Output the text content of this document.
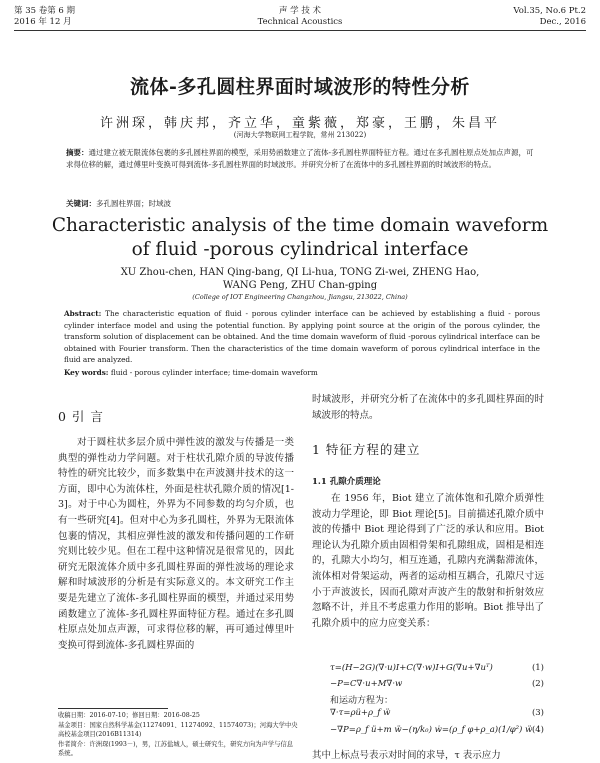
第 35 卷第 6 期
2016 年 12 月
声 学 技 术
Technical Acoustics
Vol.35, No.6 Pt.2
Dec., 2016
流体-多孔圆柱界面时域波形的特性分析
许洲琛，韩庆邦，齐立华，童紫薇，郑豪，王鹏，朱昌平
(河海大学物联网工程学院，常州 213022)
摘要：通过建立被无限流体包裹的多孔圆柱界面的模型，采用势函数建立了流体-多孔圆柱界面特征方程。通过在多孔圆柱原点处加点声源，可求得位移的解，通过傅里叶变换可得到流体-多孔圆柱界面的时域波形。并研究分析了在流体中的多孔圆柱界面的时域波形的特点。
关键词：多孔圆柱界面；时域波
Characteristic analysis of the time domain waveform of fluid -porous cylindrical interface
XU Zhou-chen, HAN Qing-bang, QI Li-hua, TONG Zi-wei, ZHENG Hao,
WANG Peng, ZHU Chan-gping
(College of IOT Engineering Changzhou, Jiangsu, 213022, China)
Abstract: The characteristic equation of fluid - porous cylinder interface can be achieved by establishing a fluid - porous cylinder interface model and using the potential function. By applying point source at the origin of the porous cylinder, the transform solution of displacement can be obtained. And the time domain waveform of fluid -porous cylindrical interface can be obtained with Fourier transform. Then the characteristics of the time domain waveform of porous cylindrical interface in the fluid are analyzed.
Key words: fluid - porous cylinder interface; time-domain waveform
0 引 言
对于圆柱状多层介质中弹性波的激发与传播是一类典型的弹性动力学问题。对于柱状孔隙介质的导波传播特性的研究比较少，而多数集中在声波测井技术的这一方面，即中心为流体柱，外面是柱状孔隙介质的情况[1-3]。对于中心为圆柱，外界为不同参数的均匀介质，也有一些研究[4]。但对中心为多孔圆柱，外界为无限流体包裹的情况，其相应弹性波的激发和传播问题的工作研究则比较少见。但在工程中这种情况是很常见的，因此研究无限流体介质中多孔圆柱界面的弹性波场的理论求解和时域波形的分析是有实际意义的。本文研究工作主要是先建立了流体-多孔圆柱界面的模型，并通过采用势函数建立了流体-多孔圆柱界面特征方程。通过在多孔圆柱原点处加点声源，可求得位移的解，再可通过傅里叶变换可得到流体-多孔圆柱界面的
时域波形，并研究分析了在流体中的多孔圆柱界面的时域波形的特点。
1 特征方程的建立
1.1 孔隙介质理论
在 1956 年，Biot 建立了流体饱和孔隙介质弹性波动力学理论，即 Biot 理论[5]。目前描述孔隙介质中波的传播中 Biot 理论得到了广泛的承认和应用。Biot 理论认为孔隙介质由固相骨架和孔隙组成，固相是相连的，孔隙大小均匀，相互连通，孔隙内充满黏滞流体，流体相对骨架运动，两者的运动相互耦合，孔隙尺寸远小于声波波长，因而孔隙对声波产生的散射和折射效应忽略不计，并且不考虑重力作用的影响。Biot 推导出了孔隙介质中的应力应变关系：
τ=(H−2G)(∇·u)I+C(∇·w)I+G(∇u+∇uᵀ)	(1)
−P=C∇·u+M∇·w	(2)
和运动方程为：
∇·τ=ρü+ρ_f ẅ	(3)
−∇P=ρ_f ü+m ẅ−(η/k₀) ẇ=(ρ_f φ+ρ_a)(1/φ²) ẅ (4)
其中上标点号表示对时间的求导，τ 表示应力
收稿日期：2016-07-10；修回日期：2016-08-25
基金项目：国家自然科学基金(11274091、11274092、11574073)；河海大学中央高校基金项目(2016B11314)
作者简介：许洲琛(1993－)，男，江苏盐城人，硕士研究生，研究方向为声学与信息系统。
